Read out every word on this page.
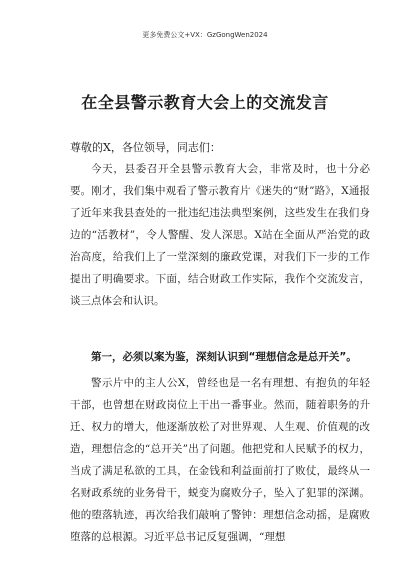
更多免费公文+VX：GzGongWen2024
在全县警示教育大会上的交流发言
尊敬的X，各位领导，同志们：

今天，县委召开全县警示教育大会，非常及时，也十分必要。刚才，我们集中观看了警示教育片《迷失的“财”路》，X通报了近年来我县查处的一批违纪违法典型案例，这些发生在我们身边的“活教材”，令人警醒、发人深思。X站在全面从严治党的政治高度，给我们上了一堂深刻的廉政党课，对我们下一步的工作提出了明确要求。下面，结合财政工作实际，我作个交流发言，谈三点体会和认识。

第一，必须以案为鉴，深刻认识到“理想信念是总开关”。

警示片中的主人公X，曾经也是一名有理想、有抱负的年轻干部，也曾想在财政岗位上干出一番事业。然而，随着职务的升迁、权力的增大，他逐渐放松了对世界观、人生观、价值观的改造，理想信念的“总开关”出了问题。他把党和人民赋予的权力，当成了满足私欲的工具，在金钱和利益面前打了败仗，最终从一名财政系统的业务骨干，蜕变为腐败分子，坠入了犯罪的深渊。他的堕落轨迹，再次给我们敲响了警钟：理想信念动摇，是腐败堕落的总根源。习近平总书记反复强调，“理想
